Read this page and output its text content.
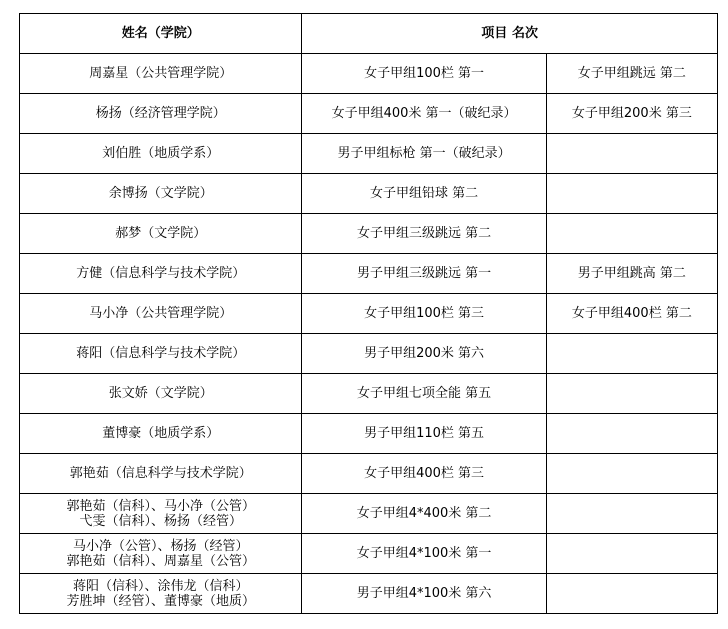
姓名（学院）	项目 名次	

周嘉星（公共管理学院）	女子甲组100栏 第一	女子甲组跳远 第二

杨扬（经济管理学院）	女子甲组400米 第一（破纪录）	女子甲组200米 第三

刘伯胜（地质学系）	男子甲组标枪 第一（破纪录）	

余博扬（文学院）	女子甲组铅球 第二	

郝梦（文学院）	女子甲组三级跳远 第二	

方健（信息科学与技术学院）	男子甲组三级跳远 第一	男子甲组跳高 第二

马小净（公共管理学院）	女子甲组100栏 第三	女子甲组400栏 第二

蒋阳（信息科学与技术学院）	男子甲组200米 第六	

张文娇（文学院）	女子甲组七项全能 第五	

董博豪（地质学系）	男子甲组110栏 第五	

郭艳茹（信息科学与技术学院）	女子甲组400栏 第三	

郭艳茹（信科）、马小净（公管）
弋雯（信科）、杨扬（经管）	女子甲组4*400米 第二	

马小净（公管）、杨扬（经管）
郭艳茹（信科）、周嘉星（公管）	女子甲组4*100米 第一	

蒋阳（信科）、涂伟龙（信科）
芳胜坤（经管）、董博豪（地质）	男子甲组4*100米 第六	
